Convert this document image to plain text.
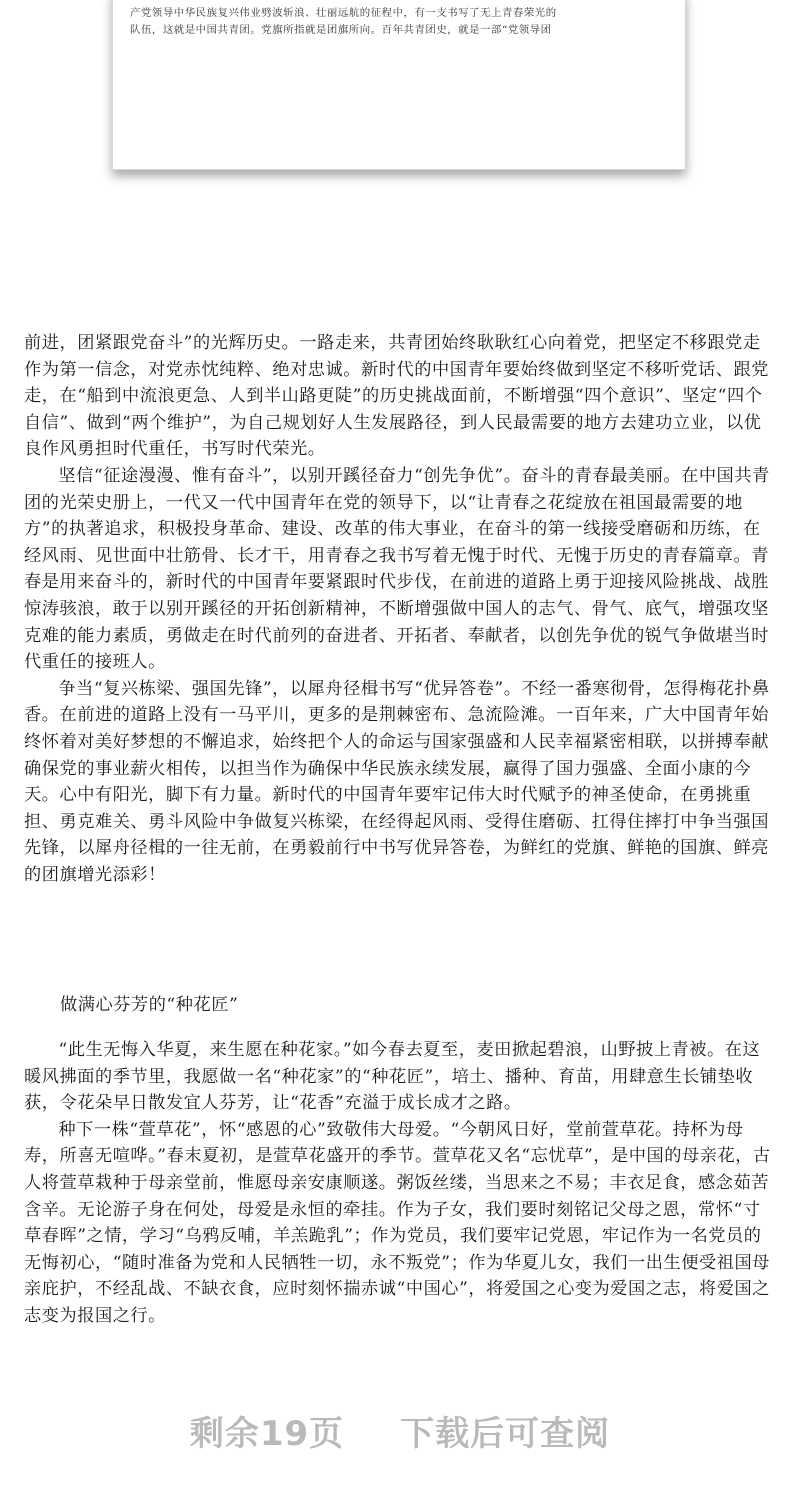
产党领导中华民族复兴伟业劈波斩浪、壮丽远航的征程中，有一支书写了无上青春荣光的
队伍，这就是中国共青团。党旗所指就是团旗所向。百年共青团史，就是一部“党领导团

前进，团紧跟党奋斗”的光辉历史。一路走来，共青团始终耿耿红心向着党，把坚定不移跟党走作为第一信念，对党赤忱纯粹、绝对忠诚。新时代的中国青年要始终做到坚定不移听党话、跟党走，在“船到中流浪更急、人到半山路更陡”的历史挑战面前，不断增强“四个意识”、坚定“四个自信”、做到“两个维护”，为自己规划好人生发展路径，到人民最需要的地方去建功立业，以优良作风勇担时代重任，书写时代荣光。

坚信“征途漫漫、惟有奋斗”，以别开蹊径奋力“创先争优”。奋斗的青春最美丽。在中国共青团的光荣史册上，一代又一代中国青年在党的领导下，以“让青春之花绽放在祖国最需要的地方”的执著追求，积极投身革命、建设、改革的伟大事业，在奋斗的第一线接受磨砺和历练，在经风雨、见世面中壮筋骨、长才干，用青春之我书写着无愧于时代、无愧于历史的青春篇章。青春是用来奋斗的，新时代的中国青年要紧跟时代步伐，在前进的道路上勇于迎接风险挑战、战胜惊涛骇浪，敢于以别开蹊径的开拓创新精神，不断增强做中国人的志气、骨气、底气，增强攻坚克难的能力素质，勇做走在时代前列的奋进者、开拓者、奉献者，以创先争优的锐气争做堪当时代重任的接班人。

争当“复兴栋梁、强国先锋”，以犀舟径楫书写“优异答卷”。不经一番寒彻骨，怎得梅花扑鼻香。在前进的道路上没有一马平川，更多的是荆棘密布、急流险滩。一百年来，广大中国青年始终怀着对美好梦想的不懈追求，始终把个人的命运与国家强盛和人民幸福紧密相联，以拼搏奉献确保党的事业薪火相传，以担当作为确保中华民族永续发展，赢得了国力强盛、全面小康的今天。心中有阳光，脚下有力量。新时代的中国青年要牢记伟大时代赋予的神圣使命，在勇挑重担、勇克难关、勇斗风险中争做复兴栋梁，在经得起风雨、受得住磨砺、扛得住摔打中争当强国先锋，以犀舟径楫的一往无前，在勇毅前行中书写优异答卷，为鲜红的党旗、鲜艳的国旗、鲜亮的团旗增光添彩！

做满心芬芳的“种花匠”

“此生无悔入华夏，来生愿在种花家。”如今春去夏至，麦田掀起碧浪，山野披上青被。在这暖风拂面的季节里，我愿做一名“种花家”的“种花匠”，培土、播种、育苗，用肆意生长铺垫收获，令花朵早日散发宜人芬芳，让“花香”充溢于成长成才之路。

种下一株“萱草花”，怀“感恩的心”致敬伟大母爱。“今朝风日好，堂前萱草花。持杯为母寿，所喜无喧哗。”春末夏初，是萱草花盛开的季节。萱草花又名“忘忧草”，是中国的母亲花，古人将萱草栽种于母亲堂前，惟愿母亲安康顺遂。粥饭丝缕，当思来之不易；丰衣足食，感念茹苦含辛。无论游子身在何处，母爱是永恒的牵挂。作为子女，我们要时刻铭记父母之恩，常怀“寸草春晖”之情，学习“乌鸦反哺，羊羔跪乳”；作为党员，我们要牢记党恩，牢记作为一名党员的无悔初心，“随时准备为党和人民牺牲一切，永不叛党”；作为华夏儿女，我们一出生便受祖国母亲庇护，不经乱战、不缺衣食，应时刻怀揣赤诚“中国心”，将爱国之心变为爱国之志，将爱国之志变为报国之行。

剩余19页 下载后可查阅
